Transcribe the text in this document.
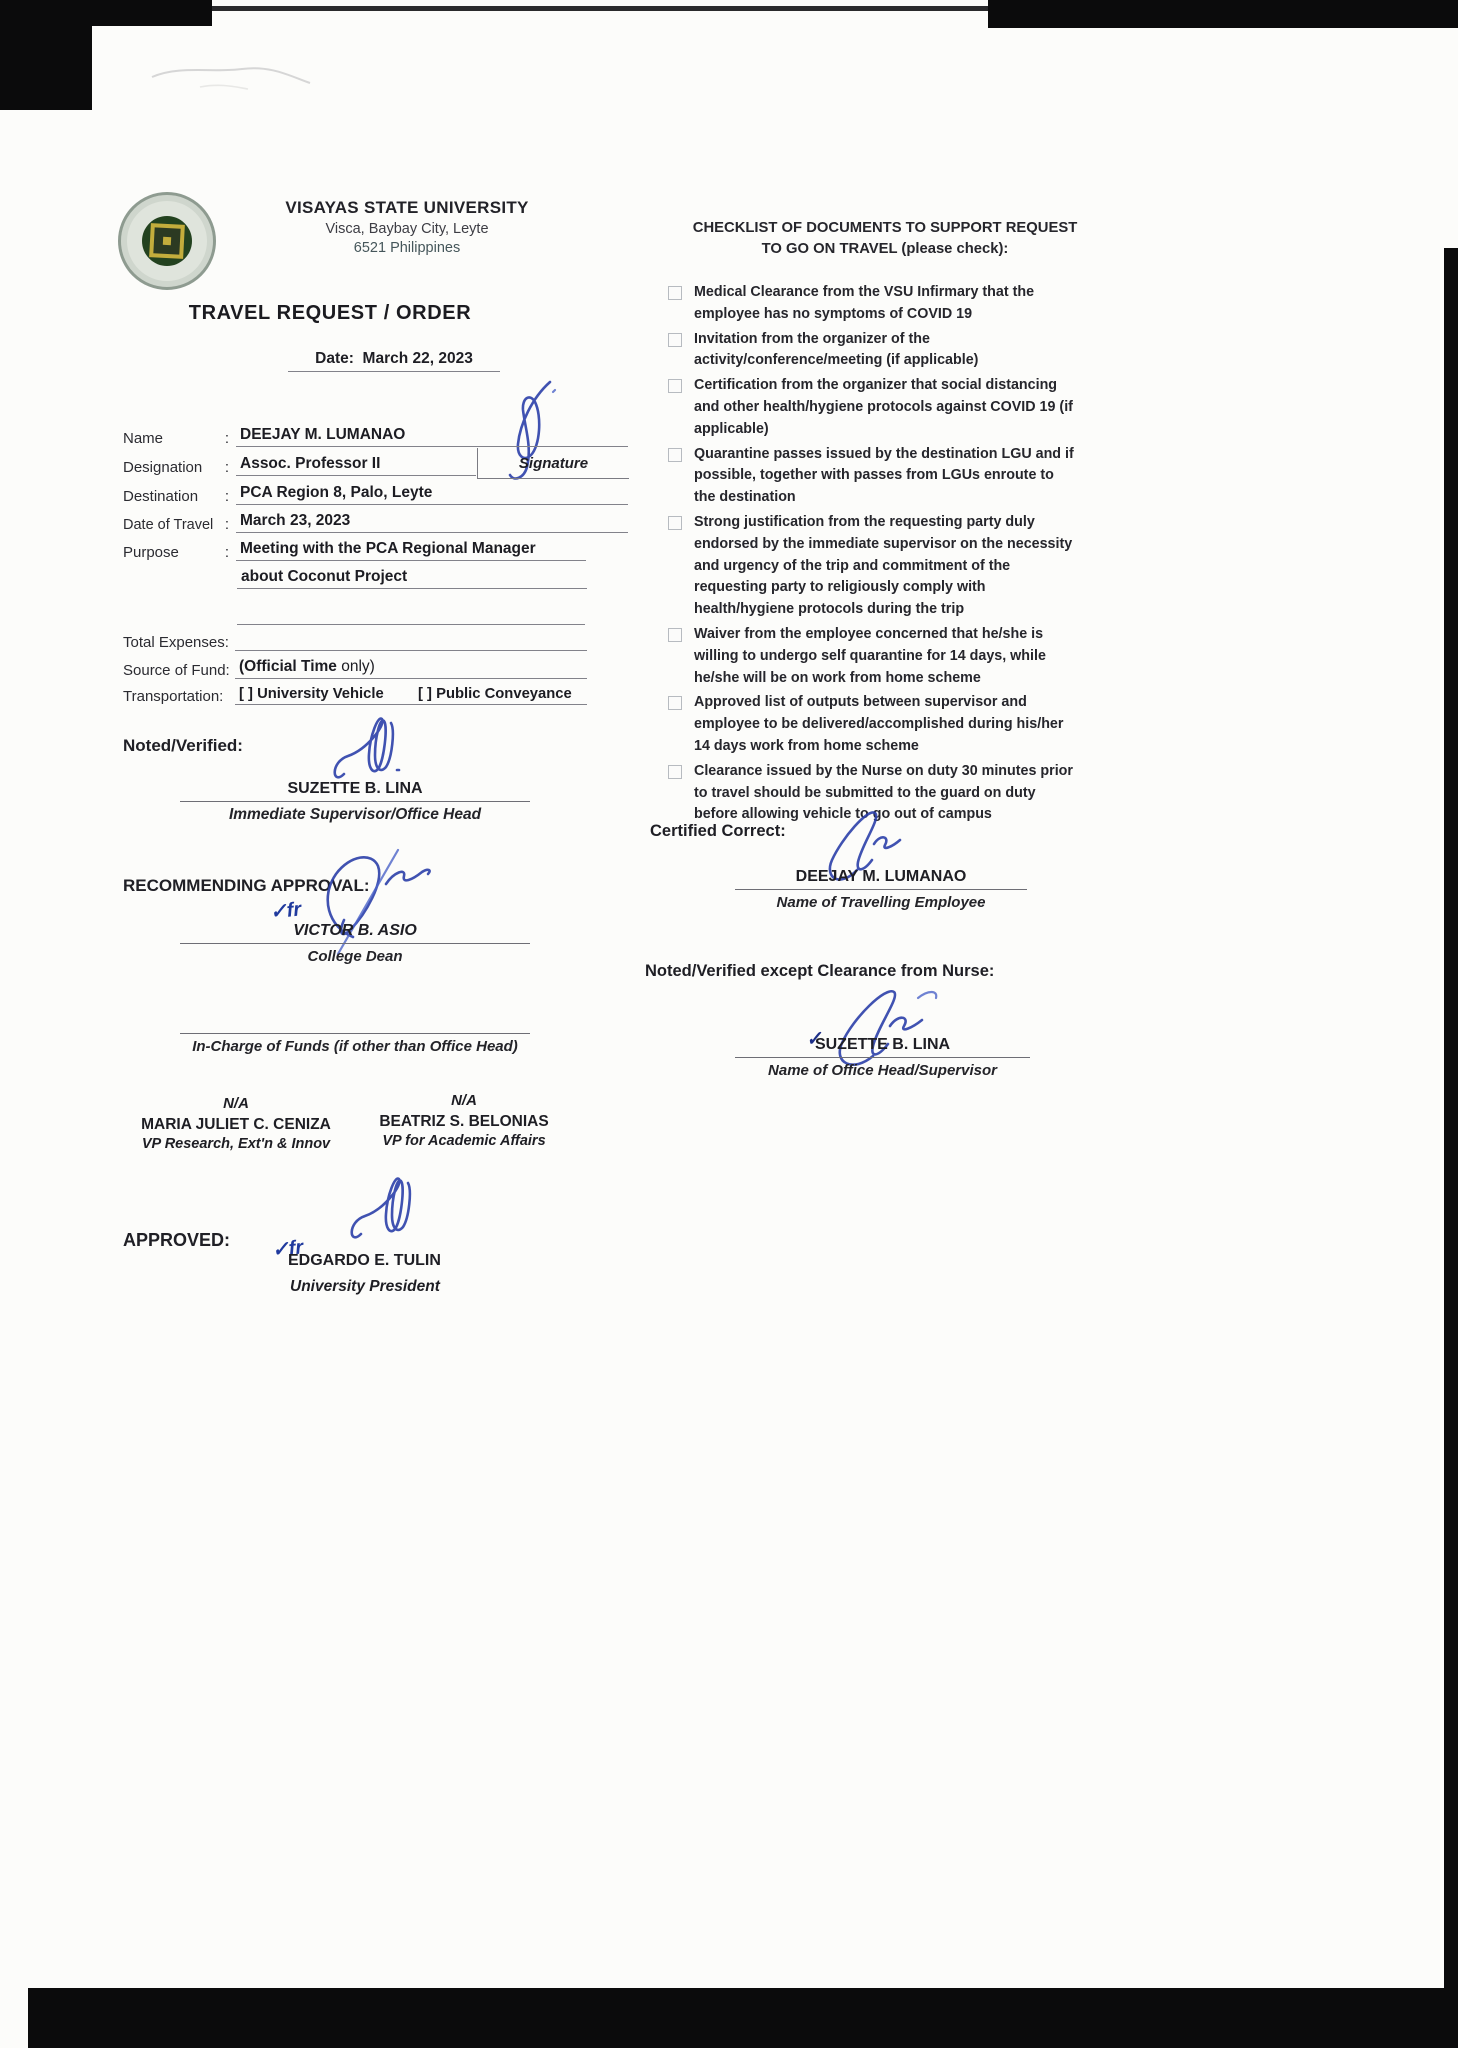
VISAYAS STATE UNIVERSITY
Visca, Baybay City, Leyte
6521 Philippines
TRAVEL REQUEST / ORDER
Date: March 22, 2023
Name	: DEEJAY M. LUMANAO
Designation	: Assoc. Professor II	Signature
Destination	: PCA Region 8, Palo, Leyte
Date of Travel : March 23, 2023
Purpose	: Meeting with the PCA Regional Manager
about Coconut Project
Total Expenses:
Source of Fund: (Official Time only)
Transportation:	[ ] University Vehicle [ ] Public Conveyance
Noted/Verified:
SUZETTE B. LINA
Immediate Supervisor/Office Head
RECOMMENDING APPROVAL:
✓fr
VICTOR B. ASIO
College Dean
In-Charge of Funds (if other than Office Head)
N/A
MARIA JULIET C. CENIZA
VP Research, Ext'n & Innov
N/A
BEATRIZ S. BELONIAS
VP for Academic Affairs
APPROVED: ✓fr
EDGARDO E. TULIN
University President
CHECKLIST OF DOCUMENTS TO SUPPORT REQUEST
TO GO ON TRAVEL (please check):
Medical Clearance from the VSU Infirmary that the employee has no symptoms of COVID 19
Invitation from the organizer of the activity/conference/meeting (if applicable)
Certification from the organizer that social distancing and other health/hygiene protocols against COVID 19 (if applicable)
Quarantine passes issued by the destination LGU and if possible, together with passes from LGUs enroute to the destination
Strong justification from the requesting party duly endorsed by the immediate supervisor on the necessity and urgency of the trip and commitment of the requesting party to religiously comply with health/hygiene protocols during the trip
Waiver from the employee concerned that he/she is willing to undergo self quarantine for 14 days, while he/she will be on work from home scheme
Approved list of outputs between supervisor and employee to be delivered/accomplished during his/her 14 days work from home scheme
Clearance issued by the Nurse on duty 30 minutes prior to travel should be submitted to the guard on duty before allowing vehicle to go out of campus
Certified Correct:
DEEJAY M. LUMANAO
Name of Travelling Employee
Noted/Verified except Clearance from Nurse:
✓
SUZETTE B. LINA
Name of Office Head/Supervisor
